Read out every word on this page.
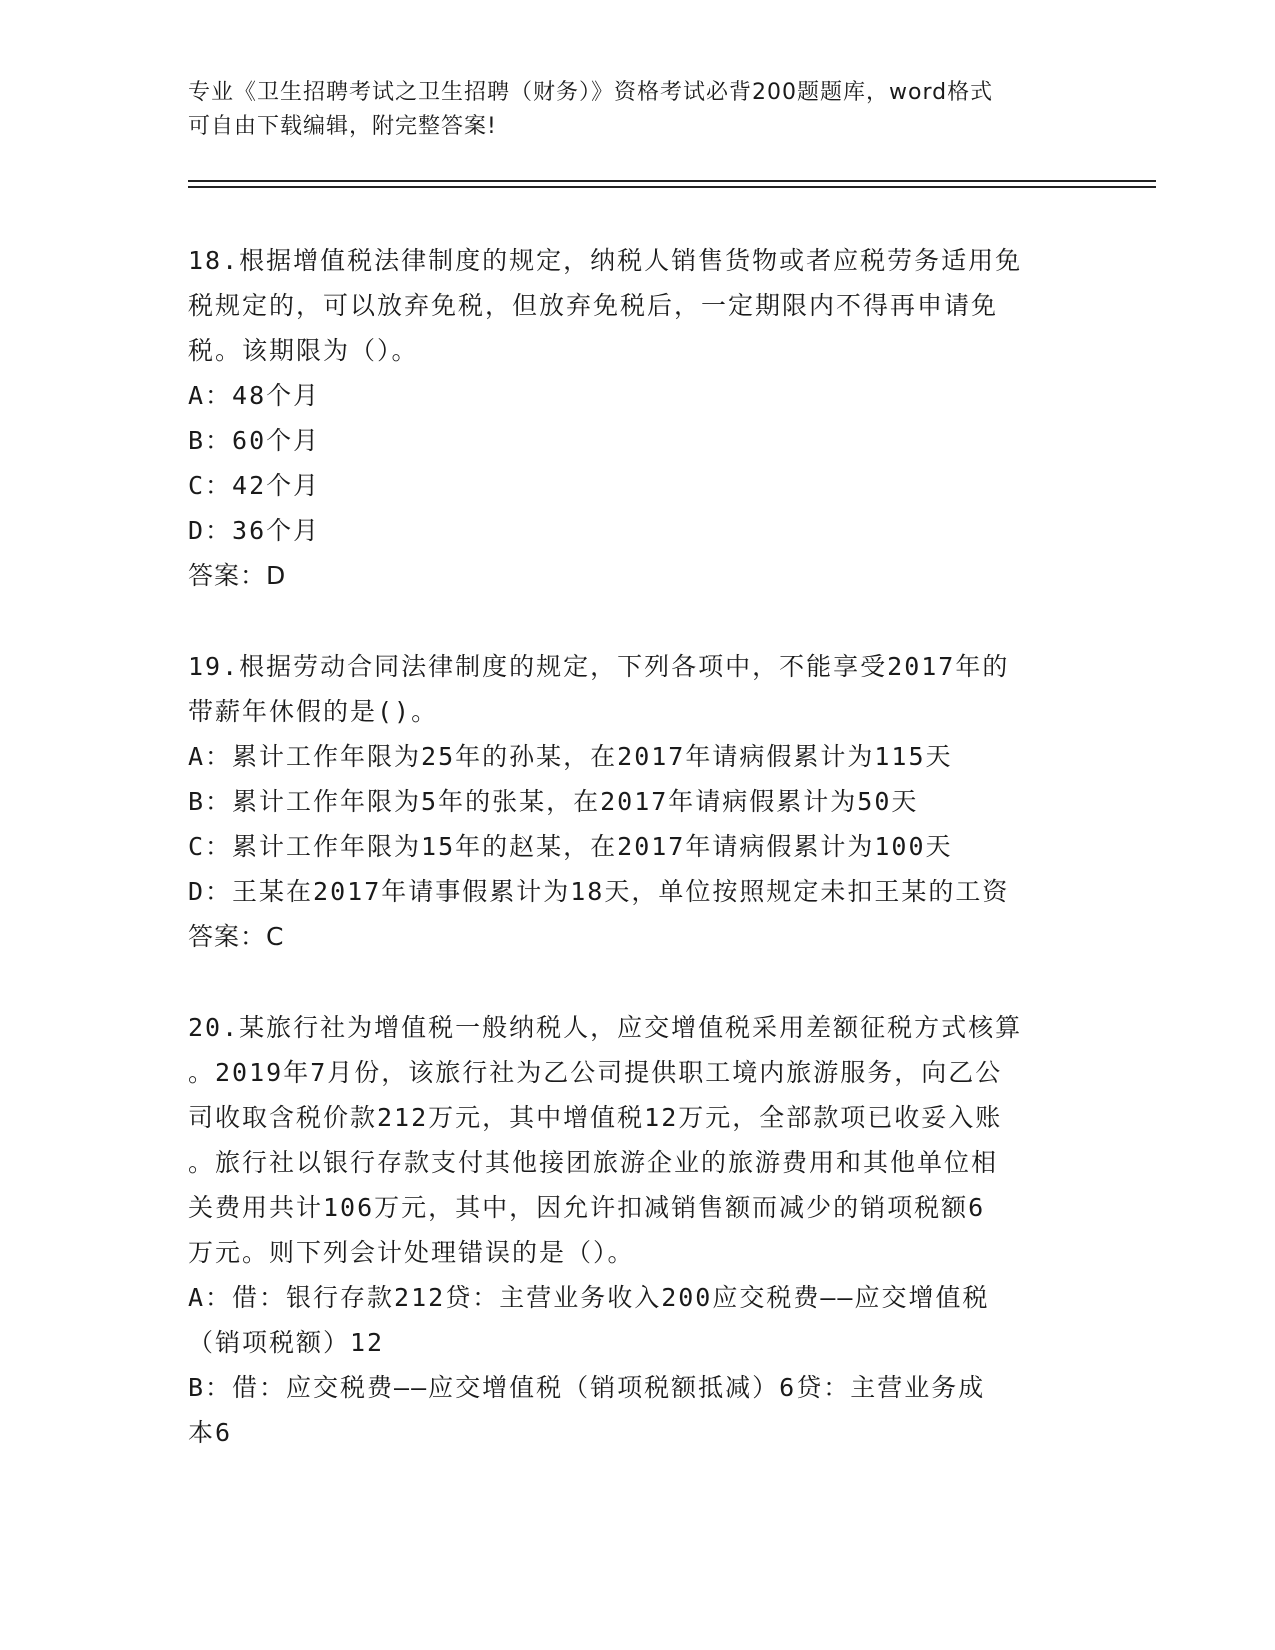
专业《卫生招聘考试之卫生招聘（财务）》资格考试必背200题题库，word格式
可自由下载编辑，附完整答案!
18.根据增值税法律制度的规定，纳税人销售货物或者应税劳务适用免
税规定的，可以放弃免税，但放弃免税后，一定期限内不得再申请免
税。该期限为（）。
A：48个月
B：60个月
C：42个月
D：36个月
答案：D
19.根据劳动合同法律制度的规定，下列各项中，不能享受2017年的
带薪年休假的是()。
A：累计工作年限为25年的孙某，在2017年请病假累计为115天
B：累计工作年限为5年的张某，在2017年请病假累计为50天
C：累计工作年限为15年的赵某，在2017年请病假累计为100天
D：王某在2017年请事假累计为18天，单位按照规定未扣王某的工资
答案：C
20.某旅行社为增值税一般纳税人，应交增值税采用差额征税方式核算
。2019年7月份，该旅行社为乙公司提供职工境内旅游服务，向乙公
司收取含税价款212万元，其中增值税12万元，全部款项已收妥入账
。旅行社以银行存款支付其他接团旅游企业的旅游费用和其他单位相
关费用共计106万元，其中，因允许扣减销售额而减少的销项税额6
万元。则下列会计处理错误的是（）。
A：借：银行存款212贷：主营业务收入200应交税费——应交增值税
（销项税额）12
B：借：应交税费——应交增值税（销项税额抵减）6贷：主营业务成
本6
